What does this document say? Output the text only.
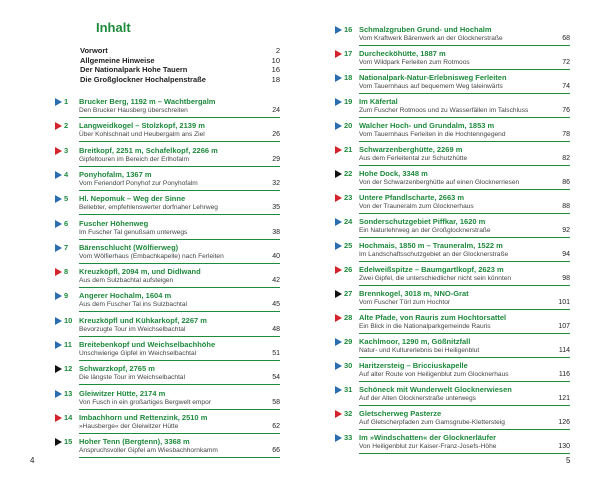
Inhalt
Vorwort	2
Allgemeine Hinweise	10
Der Nationalpark Hohe Tauern	16
Die Großglockner Hochalpenstraße	18
1 Brucker Berg, 1192 m – Wachtbergalm
Den Brucker Hausberg überschreiten	24
2 Langweidkogel – Stolzkopf, 2139 m
Über Kohlschnait und Heubergalm ans Ziel	26
3 Breitkopf, 2251 m, Schafelkopf, 2266 m
Gipfeltouren im Bereich der Erlhofalm	29
4 Ponyhofalm, 1367 m
Vom Feriendorf Ponyhof zur Ponyhofalm	32
5 Hl. Nepomuk – Weg der Sinne
Beliebter, empfehlenswerter dorfnaher Lehrweg	35
6 Fuscher Höhenweg
Im Fuscher Tal genußsam unterwegs	38
7 Bärenschlucht (Wölfierweg)
Vom Wölfierhaus (Embachkapelle) nach Ferleiten	40
8 Kreuzköpfl, 2094 m, und Didlwand
Aus dem Sulzbachtal aufsteigen	42
9 Angerer Hochalm, 1604 m
Aus dem Fuscher Tal ins Sulzbachtal	45
10 Kreuzköpfl und Kühkarkopf, 2267 m
Bevorzugte Tour im Weichselbachtal	48
11 Breitebenkopf und Weichselbachhöhe
Unschwierige Gipfel im Weichselbachtal	51
12 Schwarzkopf, 2765 m
Die längste Tour im Weichselbachtal	54
13 Gleiwitzer Hütte, 2174 m
Von Fusch in ein großartiges Bergwelt empor	58
14 Imbachhorn und Rettenzink, 2510 m
»Hausberge« der Gleiwitzer Hütte	62
15 Hoher Tenn (Bergtenn), 3368 m
Anspruchsvoller Gipfel am Wiesbachhornkamm	66
4
16 Schmalzgruben Grund- und Hochalm
Vom Kraftwerk Bärenwerk an der Glocknerstraße	68
17 Durchecköhütte, 1887 m
Vom Wildpark Ferleiten zum Rotmoos	72
18 Nationalpark-Natur-Erlebnisweg Ferleiten
Vom Tauernhaus auf bequemem Weg taleinwärts	74
19 Im Käfertal
Zum Fuscher Rotmoos und zu Wasserfällen im Talschluss	76
20 Walcher Hoch- und Grundalm, 1853 m
Vom Tauernhaus Ferleiten in die Hochtenngegend	78
21 Schwarzenberghütte, 2269 m
Aus dem Ferleitental zur Schutzhütte	82
22 Hohe Dock, 3348 m
Von der Schwarzenberghütte auf einen Glocknerriesen	86
23 Untere Pfandlscharte, 2663 m
Von der Trauneralm zum Glocknerhaus	88
24 Sonderschutzgebiet Piffkar, 1620 m
Ein Naturlehrweg an der Großglocknerstraße	92
25 Hochmais, 1850 m – Trauneralm, 1522 m
Im Landschaftsschutzgebiet an der Glocknerstraße	94
26 Edelweißspitze – Baumgartlkopf, 2623 m
Zwei Gipfel, die unterschiedlicher nicht sein könnten	98
27 Brennkogel, 3018 m, NNO-Grat
Vom Fuscher Törl zum Hochtor	101
28 Alte Pfade, von Rauris zum Hochtorsattel
Ein Blick in die Nationalparkgemeinde Rauris	107
29 Kachlmoor, 1290 m, Gößnitzfall
Natur- und Kulturerlebnis bei Heiligenblut	114
30 Haritzersteig – Bricciuskapelle
Auf alter Route von Heiligenblut zum Glocknerhaus	116
31 Schöneck mit Wunderwelt Glocknerwiesen
Auf der Alten Glocknerstraße unterwegs	121
32 Gletscherweg Pasterze
Auf Gletscherpfaden zum Gamsgrube-Klettersteig	126
33 Im »Windschatten« der Glocknerläufer
Von Heiligenblut zur Kaiser-Franz-Josefs-Höhe	130
5
